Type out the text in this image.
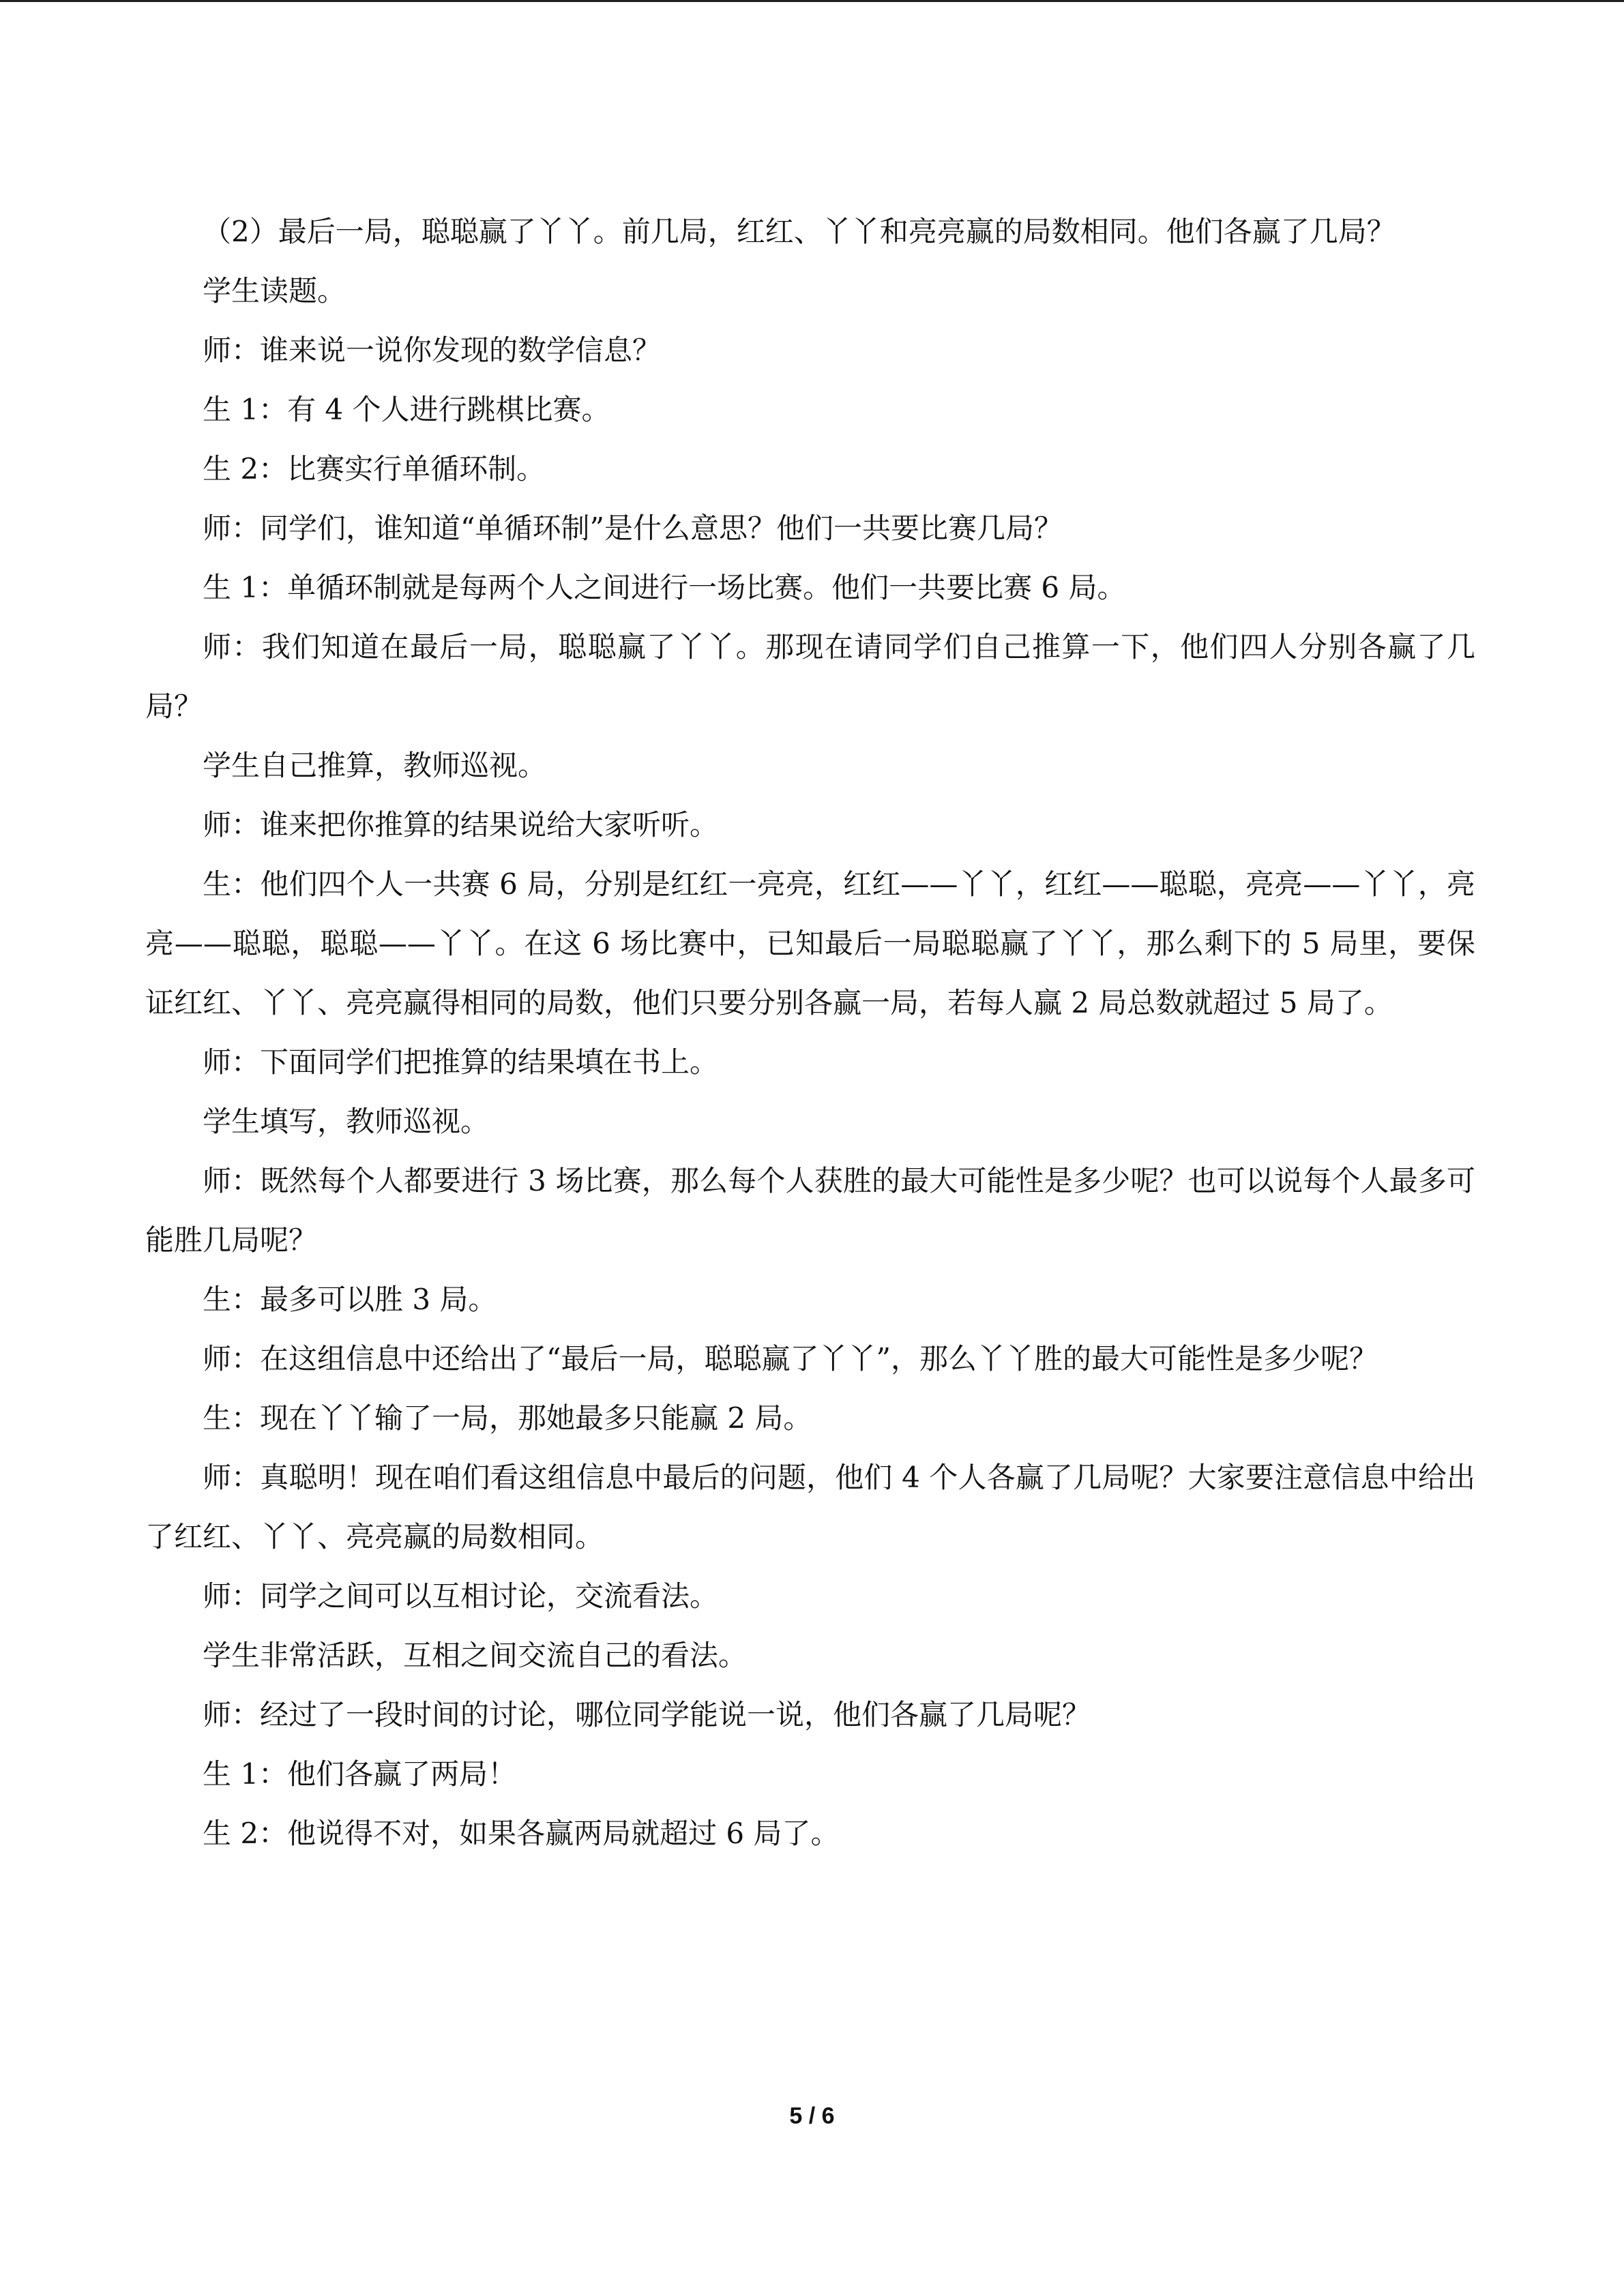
（2）最后一局，聪聪赢了丫丫。前几局，红红、丫丫和亮亮赢的局数相同。他们各赢了几局？

学生读题。

师：谁来说一说你发现的数学信息？

生 1：有 4 个人进行跳棋比赛。

生 2：比赛实行单循环制。

师：同学们，谁知道“单循环制”是什么意思？他们一共要比赛几局？

生 1：单循环制就是每两个人之间进行一场比赛。他们一共要比赛 6 局。

师：我们知道在最后一局，聪聪赢了丫丫。那现在请同学们自己推算一下，他们四人分别各赢了几局？

学生自己推算，教师巡视。

师：谁来把你推算的结果说给大家听听。

生：他们四个人一共赛 6 局，分别是红红一亮亮，红红——丫丫，红红——聪聪，亮亮——丫丫，亮亮——聪聪，聪聪——丫丫。在这 6 场比赛中，已知最后一局聪聪赢了丫丫，那么剩下的 5 局里，要保证红红、丫丫、亮亮赢得相同的局数，他们只要分别各赢一局，若每人赢 2 局总数就超过 5 局了。

师：下面同学们把推算的结果填在书上。

学生填写，教师巡视。

师：既然每个人都要进行 3 场比赛，那么每个人获胜的最大可能性是多少呢？也可以说每个人最多可能胜几局呢？

生：最多可以胜 3 局。

师：在这组信息中还给出了“最后一局，聪聪赢了丫丫”，那么丫丫胜的最大可能性是多少呢？

生：现在丫丫输了一局，那她最多只能赢 2 局。

师：真聪明！现在咱们看这组信息中最后的问题，他们 4 个人各赢了几局呢？大家要注意信息中给出了红红、丫丫、亮亮赢的局数相同。

师：同学之间可以互相讨论，交流看法。

学生非常活跃，互相之间交流自己的看法。

师：经过了一段时间的讨论，哪位同学能说一说，他们各赢了几局呢？

生 1：他们各赢了两局！

生 2：他说得不对，如果各赢两局就超过 6 局了。

5 / 6
